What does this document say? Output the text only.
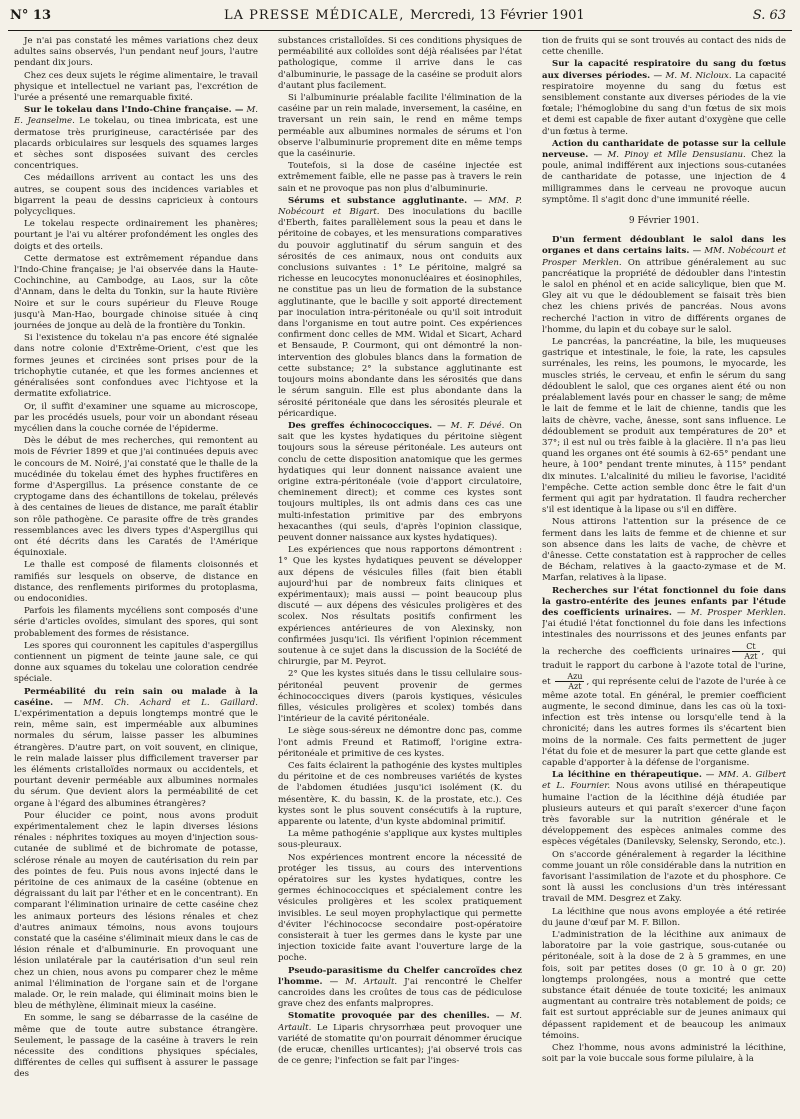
N° 13	LA PRESSE MÉDICALE, Mercredi, 13 Février 1901	S. 63

Je n'ai pas constaté les mêmes variations chez deux adultes sains observés, l'un pendant neuf jours, l'autre pendant dix jours.

Chez ces deux sujets le régime alimentaire, le travail physique et intellectuel ne variant pas, l'excrétion de l'urée a présenté une remarquable fixité.

Sur le tokelau dans l'Indo-Chine française. — M. E. Jeanselme. Le tokelau, ou tinea imbricata, est une dermatose très prurigineuse, caractérisée par des placards orbiculaires sur lesquels des squames larges et sèches sont disposées suivant des cercles concentriques.

Ces médaillons arrivent au contact les uns des autres, se coupent sous des incidences variables et bigarrent la peau de dessins capricieux à contours polycycliques.

Le tokelau respecte ordinairement les phanères; pourtant je l'ai vu altérer profondément les ongles des doigts et des orteils.

Cette dermatose est extrêmement répandue dans l'Indo-Chine française; je l'ai observée dans la Haute-Cochinchine, au Cambodge, au Laos, sur la côte d'Annam, dans le delta du Tonkin, sur la haute Rivière Noire et sur le cours supérieur du Fleuve Rouge jusqu'à Man-Hao, bourgade chinoise située à cinq journées de jonque au delà de la frontière du Tonkin.

Si l'existence du tokelau n'a pas encore été signalée dans notre colonie d'Extrême-Orient, c'est que les formes jeunes et circinées sont prises pour de la trichophytie cutanée, et que les formes anciennes et généralisées sont confondues avec l'ichtyose et la dermatite exfoliatrice.

Or, il suffit d'examiner une squame au microscope, par les procédés usuels, pour voir un abondant réseau mycélien dans la couche cornée de l'épiderme.

Dès le début de mes recherches, qui remontent au mois de Février 1899 et que j'ai continuées depuis avec le concours de M. Noiré, j'ai constaté que le thalle de la mucédinée du tokelau émet des hyphes fructifères en forme d'Aspergillus. La présence constante de ce cryptogame dans des échantillons de tokelau, prélevés à des centaines de lieues de distance, me paraît établir son rôle pathogène. Ce parasite offre de très grandes ressemblances avec les divers types d'Aspergillus qui ont été décrits dans les Caratés de l'Amérique équinoxiale.

Le thalle est composé de filaments cloisonnés et ramifiés sur lesquels on observe, de distance en distance, des renflements piriformes du protoplasma, ou endoconidies.

Parfois les filaments mycéliens sont composés d'une série d'articles ovoïdes, simulant des spores, qui sont probablement des formes de résistance.

Les spores qui couronnent les capitules d'aspergillus contiennent un pigment de teinte jaune sale, ce qui donne aux squames du tokelau une coloration cendrée spéciale.

Perméabilité du rein sain ou malade à la caséine. — MM. Ch. Achard et L. Gaillard. L'expérimentation a depuis longtemps montré que le rein, même sain, est imperméable aux albumines normales du sérum, laisse passer les albumines étrangères. D'autre part, on voit souvent, en clinique, le rein malade laisser plus difficilement traverser par les éléments cristalloïdes normaux ou accidentels, et pourtant devenir perméable aux albumines normales du sérum. Que devient alors la perméabilité de cet organe à l'égard des albumines étrangères?

Pour élucider ce point, nous avons produit expérimentalement chez le lapin diverses lésions rénales : néphrites toxiques au moyen d'injection sous-cutanée de sublimé et de bichromate de potasse, sclérose rénale au moyen de cautérisation du rein par des pointes de feu. Puis nous avons injecté dans le péritoine de ces animaux de la caséine (obtenue en dégraissant du lait par l'éther et en le concentrant). En comparant l'élimination urinaire de cette caséine chez les animaux porteurs des lésions rénales et chez d'autres animaux témoins, nous avons toujours constaté que la caséine s'éliminait mieux dans le cas de lésion rénale et d'albuminurie. En provoquant une lésion unilatérale par la cautérisation d'un seul rein chez un chien, nous avons pu comparer chez le même animal l'élimination de l'organe sain et de l'organe malade. Or, le rein malade, qui éliminait moins bien le bleu de méthylène, éliminait mieux la caséine.

En somme, le sang se débarrasse de la caséine de même que de toute autre substance étrangère. Seulement, le passage de la caséine à travers le rein nécessite des conditions physiques spéciales, différentes de celles qui suffisent à assurer le passage des

substances cristalloïdes. Si ces conditions physiques de perméabilité aux colloïdes sont déjà réalisées par l'état pathologique, comme il arrive dans le cas d'albuminurie, le passage de la caséine se produit alors d'autant plus facilement.

Si l'albuminurie préalable facilite l'élimination de la caséine par un rein malade, inversement, la caséine, en traversant un rein sain, le rend en même temps perméable aux albumines normales de sérums et l'on observe l'albuminurie proprement dite en même temps que la caséinurie.

Toutefois, si la dose de caséine injectée est extrêmement faible, elle ne passe pas à travers le rein sain et ne provoque pas non plus d'albuminurie.

Sérums et substance agglutinante. — MM. P. Nobécourt et Bigart. Des inoculations du bacille d'Eberth, faites parallèlement sous la peau et dans le péritoine de cobayes, et les mensurations comparatives du pouvoir agglutinatif du sérum sanguin et des sérosités de ces animaux, nous ont conduits aux conclusions suivantes : 1° Le péritoine, malgré sa richesse en leucocytes mononucléaires et éosinophiles, ne constitue pas un lieu de formation de la substance agglutinante, que le bacille y soit apporté directement par inoculation intra-péritonéale ou qu'il soit introduit dans l'organisme en tout autre point. Ces expériences confirment donc celles de MM. Widal et Sicart, Achard et Bensaude, P. Courmont, qui ont démontré la non-intervention des globules blancs dans la formation de cette substance; 2° la substance agglutinante est toujours moins abondante dans les sérosités que dans le sérum sanguin. Elle est plus abondante dans la sérosité péritonéale que dans les sérosités pleurale et péricardique.

Des greffes échinococciques. — M. F. Dévé. On sait que les kystes hydatiques du péritoine siègent toujours sous la séreuse péritonéale. Les auteurs ont conclu de cette disposition anatomique que les germes hydatiques qui leur donnent naissance avaient une origine extra-péritonéale (voie d'apport circulatoire, cheminement direct); et comme ces kystes sont toujours multiples, ils ont admis dans ces cas une multi-infestation primitive par des embryons hexacanthes (qui seuls, d'après l'opinion classique, peuvent donner naissance aux kystes hydatiques).

Les expériences que nous rapportons démontrent : 1° Que les kystes hydatiques peuvent se développer aux dépens de vésicules filles (fait bien établi aujourd'hui par de nombreux faits cliniques et expérimentaux); mais aussi — point beaucoup plus discuté — aux dépens des vésicules proligères et des scolex. Nos résultats positifs confirment les expériences antérieures de von Alexinsky, non confirmées jusqu'ici. Ils vérifient l'opinion récemment soutenue à ce sujet dans la discussion de la Société de chirurgie, par M. Peyrot.

2° Que les kystes situés dans le tissu cellulaire sous-péritonéal peuvent provenir de germes échinococciques divers (parois kystiques, vésicules filles, vésicules proligères et scolex) tombés dans l'intérieur de la cavité péritonéale.

Le siège sous-séreux ne démontre donc pas, comme l'ont admis Freund et Ratimoff, l'origine extra-péritonéale et primitive de ces kystes.

Ces faits éclairent la pathogénie des kystes multiples du péritoine et de ces nombreuses variétés de kystes de l'abdomen étudiées jusqu'ici isolément (K. du mésentère, K. du bassin, K. de la prostate, etc.). Ces kystes sont le plus souvent consécutifs à la rupture, apparente ou latente, d'un kyste abdominal primitif.

La même pathogénie s'applique aux kystes multiples sous-pleuraux.

Nos expériences montrent encore la nécessité de protéger les tissus, au cours des interventions opératoires sur les kystes hydatiques, contre les germes échinococciques et spécialement contre les vésicules proligères et les scolex pratiquement invisibles. Le seul moyen prophylactique qui permette d'éviter l'échinococse secondaire post-opératoire consisterait à tuer les germes dans le kyste par une injection toxicide faite avant l'ouverture large de la poche.

Pseudo-parasitisme du Chelfer cancroïdes chez l'homme. — M. Artault. J'ai rencontré le Chelfer cancroides dans les croûtes de tous cas de pédiculose grave chez des enfants malpropres.

Stomatite provoquée par des chenilles. — M. Artault. Le Liparis chrysorrhæa peut provoquer une variété de stomatite qu'on pourrait dénommer érucique (de erucæ, chenilles urticantes); j'ai observé trois cas de ce genre; l'infection se fait par l'inges-

tion de fruits qui se sont trouvés au contact des nids de cette chenille.

Sur la capacité respiratoire du sang du fœtus aux diverses périodes. — M. M. Nicloux. La capacité respiratoire moyenne du sang du fœtus est sensiblement constante aux diverses périodes de la vie fœtale; l'hémoglobine du sang d'un fœtus de six mois et demi est capable de fixer autant d'oxygène que celle d'un fœtus à terme.

Action du cantharidate de potasse sur la cellule nerveuse. — M. Pinoy et Mlle Densusianu. Chez la poule, animal indifférent aux injections sous-cutanées de cantharidate de potasse, une injection de 4 milligrammes dans le cerveau ne provoque aucun symptôme. Il s'agit donc d'une immunité réelle.

9 Février 1901.

D'un ferment dédoublant le salol dans les organes et dans certains laits. — MM. Nobécourt et Prosper Merklen. On attribue généralement au suc pancréatique la propriété de dédoubler dans l'intestin le salol en phénol et en acide salicylique, bien que M. Gley ait vu que le dédoublement se faisait très bien chez les chiens privés de pancréas. Nous avons recherché l'action in vitro de différents organes de l'homme, du lapin et du cobaye sur le salol.

Le pancréas, la pancréatine, la bile, les muqueuses gastrique et intestinale, le foie, la rate, les capsules surrénales, les reins, les poumons, le myocarde, les muscles striés, le cerveau, et enfin le sérum du sang dédoublent le salol, que ces organes aient été ou non préalablement lavés pour en chasser le sang; de même le lait de femme et le lait de chienne, tandis que les laits de chèvre, vache, ânesse, sont sans influence. Le dédoublement se produit aux températures de 20° et 37°; il est nul ou très faible à la glacière. Il n'a pas lieu quand les organes ont été soumis à 62-65° pendant une heure, à 100° pendant trente minutes, à 115° pendant dix minutes. L'alcalinité du milieu le favorise, l'acidité l'empêche. Cette action semble donc être le fait d'un ferment qui agit par hydratation. Il faudra rechercher s'il est identique à la lipase ou s'il en diffère.

Nous attirons l'attention sur la présence de ce ferment dans les laits de femme et de chienne et sur son absence dans les laits de vache, de chèvre et d'ânesse. Cette constatation est à rapprocher de celles de Bécham, relatives à la gaacto-zymase et de M. Marfan, relatives à la lipase.

Recherches sur l'état fonctionnel du foie dans la gastro-entérite des jeunes enfants par l'étude des coefficients urinaires. — M. Prosper Merklen. J'ai étudié l'état fonctionnel du foie dans les infections intestinales des nourrissons et des jeunes enfants par la recherche des coefficients urinaires $\frac{Ct}{\text{Azt}}$ , qui traduit le rapport du carbone à l'azote total de l'urine, et $\frac{\text{Azu}}{\text{Azt}}$ , qui représente celui de l'azote de l'urée à ce même azote total. En général, le premier coefficient augmente, le second diminue, dans les cas où la toxi-infection est très intense ou lorsqu'elle tend à la chronicité; dans les autres formes ils s'écartent bien moins de la normale. Ces faits permettent de juger l'état du foie et de mesurer la part que cette glande est capable d'apporter à la défense de l'organisme.

La lécithine en thérapeutique. — MM. A. Gilbert et L. Fournier. Nous avons utilisé en thérapeutique humaine l'action de la lécithine déjà étudiée par plusieurs auteurs et qui paraît s'exercer d'une façon très favorable sur la nutrition générale et le développement des espèces animales comme des espèces végétales (Danilevsky, Selensky, Serondo, etc.).

On s'accorde généralement à regarder la lécithine comme jouant un rôle considérable dans la nutrition en favorisant l'assimilation de l'azote et du phosphore. Ce sont là aussi les conclusions d'un très intéressant travail de MM. Desgrez et Zaky.

La lécithine que nous avons employée a été retirée du jaune d'œuf par M. F. Billon.

L'administration de la lécithine aux animaux de laboratoire par la voie gastrique, sous-cutanée ou péritonéale, soit à la dose de 2 à 5 grammes, en une fois, soit par petites doses (0 gr. 10 à 0 gr. 20) longtemps prolongées, nous a montré que cette substance était dénuée de toute toxicité; les animaux augmentant au contraire très notablement de poids; ce fait est surtout appréciable sur de jeunes animaux qui dépassent rapidement et de beaucoup les animaux témoins.

Chez l'homme, nous avons administré la lécithine, soit par la voie buccale sous forme pilulaire, à la
